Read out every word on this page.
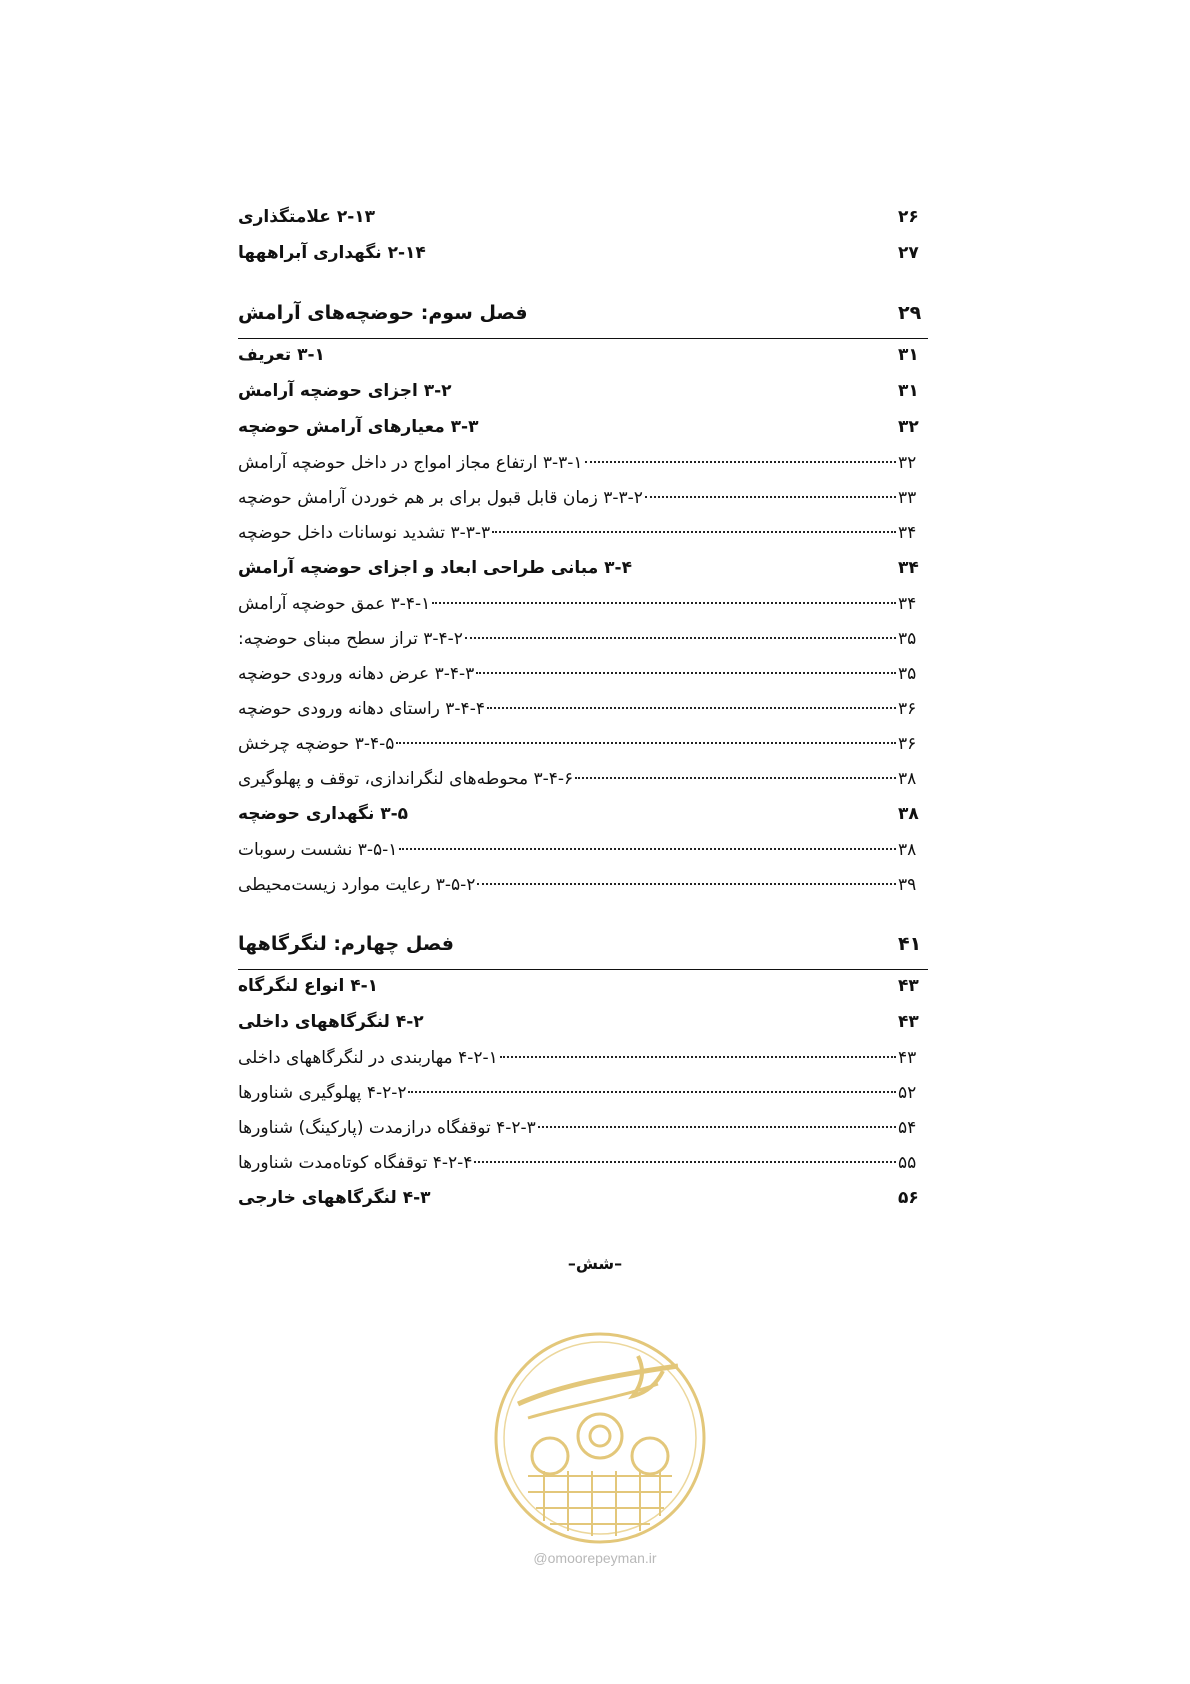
۲-۱۳ علامتگذاری	۲۶
۲-۱۴ نگهداری آبراههها	۲۷
فصل سوم: حوضچه‌های آرامش	۲۹
۳-۱ تعریف	۳۱
۳-۲ اجزای حوضچه آرامش	۳۱
۳-۳ معیارهای آرامش حوضچه	۳۲
۳-۳-۱ ارتفاع مجاز امواج در داخل حوضچه آرامش	۳۲
۳-۳-۲ زمان قابل قبول برای بر هم خوردن آرامش حوضچه	۳۳
۳-۳-۳ تشدید نوسانات داخل حوضچه	۳۴
۳-۴ مبانی طراحی ابعاد و اجزای حوضچه آرامش	۳۴
۳-۴-۱ عمق حوضچه آرامش	۳۴
۳-۴-۲ تراز سطح مبنای حوضچه:	۳۵
۳-۴-۳ عرض دهانه ورودی حوضچه	۳۵
۳-۴-۴ راستای دهانه ورودی حوضچه	۳۶
۳-۴-۵ حوضچه چرخش	۳۶
۳-۴-۶ محوطه‌های لنگراندازی، توقف و پهلوگیری	۳۸
۳-۵ نگهداری حوضچه	۳۸
۳-۵-۱ نشست رسوبات	۳۸
۳-۵-۲ رعایت موارد زیست‌محیطی	۳۹
فصل چهارم: لنگرگاهها	۴۱
۴-۱ انواع لنگرگاه	۴۳
۴-۲ لنگرگاههای داخلی	۴۳
۴-۲-۱ مهاربندی در لنگرگاههای داخلی	۴۳
۴-۲-۲ پهلوگیری شناورها	۵۲
۴-۲-۳ توقفگاه درازمدت (پارکینگ) شناورها	۵۴
۴-۲-۴ توقفگاه کوتاه‌مدت شناورها	۵۵
۴-۳ لنگرگاههای خارجی	۵۶
–شش–
@omoorepeyman.ir
